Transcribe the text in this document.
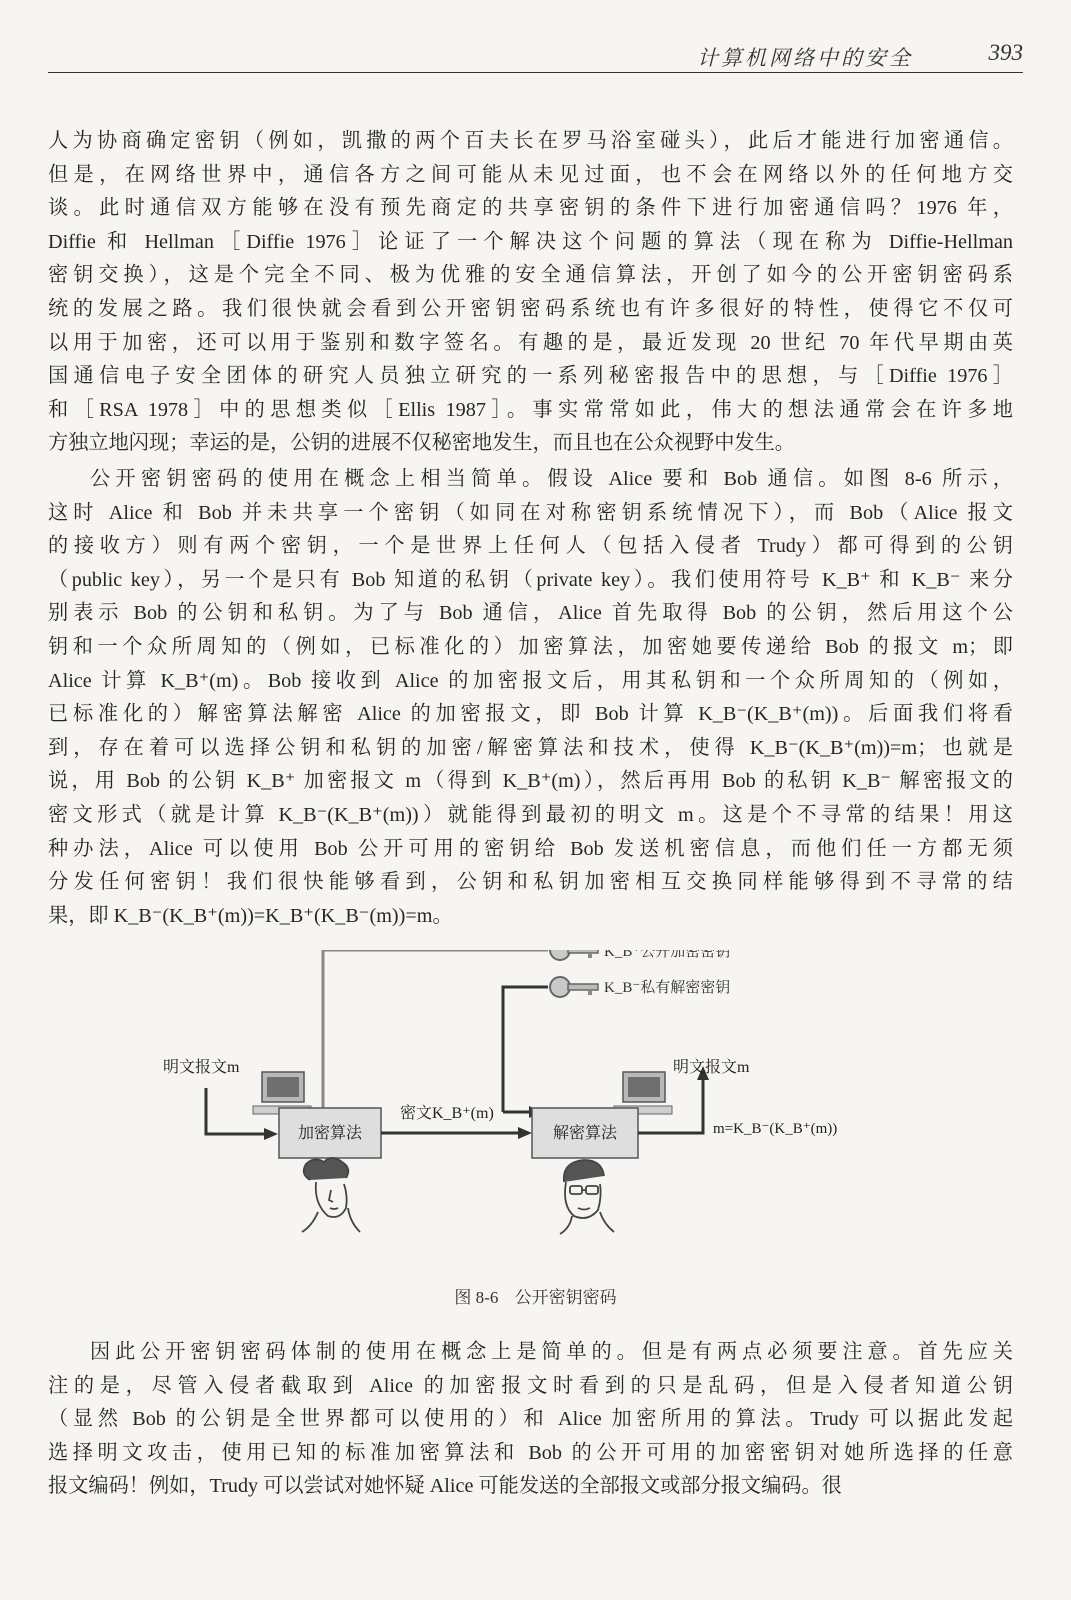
计算机网络中的安全	393
人为协商确定密钥（例如，凯撒的两个百夫长在罗马浴室碰头），此后才能进行加密通信。
但是，在网络世界中，通信各方之间可能从未见过面，也不会在网络以外的任何地方交
谈。此时通信双方能够在没有预先商定的共享密钥的条件下进行加密通信吗？1976 年，
Diffie 和 Hellman［Diffie 1976］论证了一个解决这个问题的算法（现在称为 Diffie-Hellman
密钥交换），这是个完全不同、极为优雅的安全通信算法，开创了如今的公开密钥密码系
统的发展之路。我们很快就会看到公开密钥密码系统也有许多很好的特性，使得它不仅可
以用于加密，还可以用于鉴别和数字签名。有趣的是，最近发现 20 世纪 70 年代早期由英
国通信电子安全团体的研究人员独立研究的一系列秘密报告中的思想，与［Diffie 1976］
和［RSA 1978］中的思想类似［Ellis 1987］。事实常常如此，伟大的想法通常会在许多地
方独立地闪现；幸运的是，公钥的进展不仅秘密地发生，而且也在公众视野中发生。
公开密钥密码的使用在概念上相当简单。假设 Alice 要和 Bob 通信。如图 8-6 所示，
这时 Alice 和 Bob 并未共享一个密钥（如同在对称密钥系统情况下），而 Bob（Alice 报文
的接收方）则有两个密钥，一个是世界上任何人（包括入侵者 Trudy）都可得到的公钥
（public key），另一个是只有 Bob 知道的私钥（private key）。我们使用符号 K_B⁺ 和 K_B⁻ 来分
别表示 Bob 的公钥和私钥。为了与 Bob 通信，Alice 首先取得 Bob 的公钥，然后用这个公
钥和一个众所周知的（例如，已标准化的）加密算法，加密她要传递给 Bob 的报文 m；即
Alice 计算 K_B⁺(m)。Bob 接收到 Alice 的加密报文后，用其私钥和一个众所周知的（例如，
已标准化的）解密算法解密 Alice 的加密报文，即 Bob 计算 K_B⁻(K_B⁺(m))。后面我们将看
到，存在着可以选择公钥和私钥的加密/解密算法和技术，使得 K_B⁻(K_B⁺(m))=m；也就是
说，用 Bob 的公钥 K_B⁺ 加密报文 m（得到 K_B⁺(m)），然后再用 Bob 的私钥 K_B⁻ 解密报文的
密文形式（就是计算 K_B⁻(K_B⁺(m))）就能得到最初的明文 m。这是个不寻常的结果！用这
种办法，Alice 可以使用 Bob 公开可用的密钥给 Bob 发送机密信息，而他们任一方都无须
分发任何密钥！我们很快能够看到，公钥和私钥加密相互交换同样能够得到不寻常的结
果，即 K_B⁻(K_B⁺(m))=K_B⁺(K_B⁻(m))=m。
K_B⁺公开加密密钥
K_B⁻私有解密密钥
明文报文m
加密算法
密文K_B⁺(m)
解密算法
明文报文m
m=K_B⁻(K_B⁺(m))
图 8-6 公开密钥密码
因此公开密钥密码体制的使用在概念上是简单的。但是有两点必须要注意。首先应关
注的是，尽管入侵者截取到 Alice 的加密报文时看到的只是乱码，但是入侵者知道公钥
（显然 Bob 的公钥是全世界都可以使用的）和 Alice 加密所用的算法。Trudy 可以据此发起
选择明文攻击，使用已知的标准加密算法和 Bob 的公开可用的加密密钥对她所选择的任意
报文编码！例如，Trudy 可以尝试对她怀疑 Alice 可能发送的全部报文或部分报文编码。很
